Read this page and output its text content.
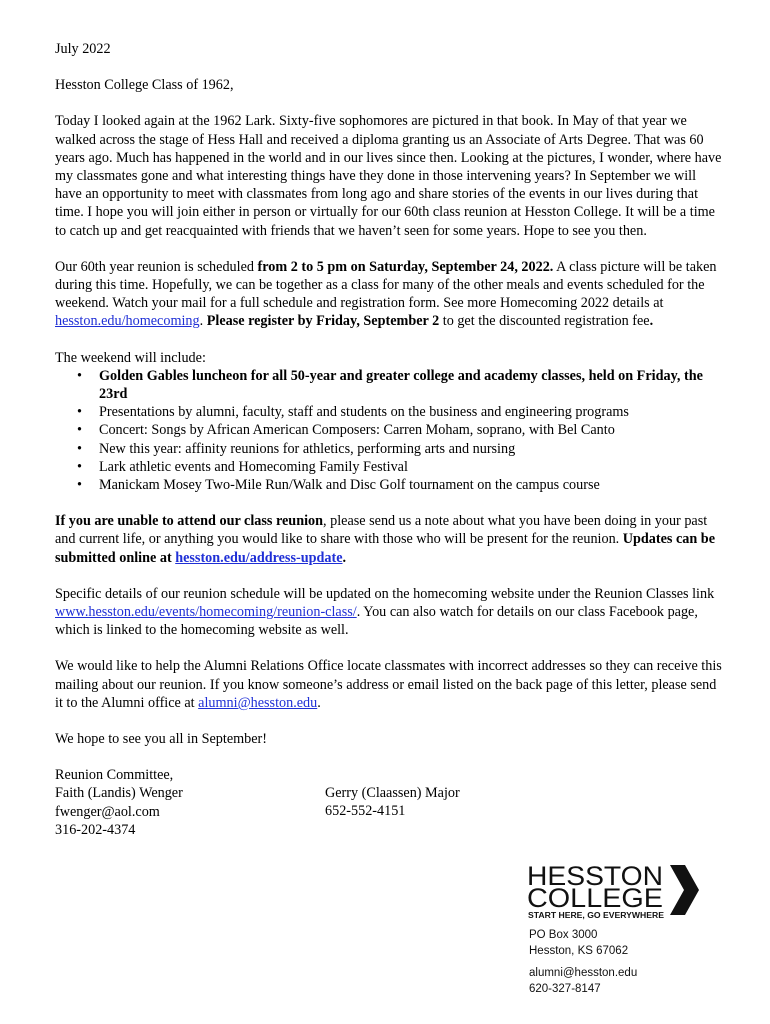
July 2022

Hesston College Class of 1962,

Today I looked again at the 1962 Lark. Sixty-five sophomores are pictured in that book. In May of that year we walked across the stage of Hess Hall and received a diploma granting us an Associate of Arts Degree. That was 60 years ago. Much has happened in the world and in our lives since then. Looking at the pictures, I wonder, where have my classmates gone and what interesting things have they done in those intervening years? In September we will have an opportunity to meet with classmates from long ago and share stories of the events in our lives during that time. I hope you will join either in person or virtually for our 60th class reunion at Hesston College. It will be a time to catch up and get reacquainted with friends that we haven’t seen for some years. Hope to see you then.

Our 60th year reunion is scheduled from 2 to 5 pm on Saturday, September 24, 2022. A class picture will be taken during this time. Hopefully, we can be together as a class for many of the other meals and events scheduled for the weekend. Watch your mail for a full schedule and registration form. See more Homecoming 2022 details at hesston.edu/homecoming. Please register by Friday, September 2 to get the discounted registration fee.

The weekend will include:

• Golden Gables luncheon for all 50-year and greater college and academy classes, held on Friday, the 23rd
• Presentations by alumni, faculty, staff and students on the business and engineering programs
• Concert: Songs by African American Composers: Carren Moham, soprano, with Bel Canto
• New this year: affinity reunions for athletics, performing arts and nursing
• Lark athletic events and Homecoming Family Festival
• Manickam Mosey Two-Mile Run/Walk and Disc Golf tournament on the campus course

If you are unable to attend our class reunion, please send us a note about what you have been doing in your past and current life, or anything you would like to share with those who will be present for the reunion. Updates can be submitted online at hesston.edu/address-update.

Specific details of our reunion schedule will be updated on the homecoming website under the Reunion Classes link www.hesston.edu/events/homecoming/reunion-class/. You can also watch for details on our class Facebook page, which is linked to the homecoming website as well.

We would like to help the Alumni Relations Office locate classmates with incorrect addresses so they can receive this mailing about our reunion. If you know someone’s address or email listed on the back page of this letter, please send it to the Alumni office at alumni@hesston.edu.

We hope to see you all in September!

Reunion Committee,
Faith (Landis) Wenger
fwenger@aol.com
316-202-4374
Gerry (Claassen) Major
652-552-4151
HESSTON
COLLEGE
START HERE, GO EVERYWHERE
PO Box 3000
Hesston, KS 67062
alumni@hesston.edu
620-327-8147
